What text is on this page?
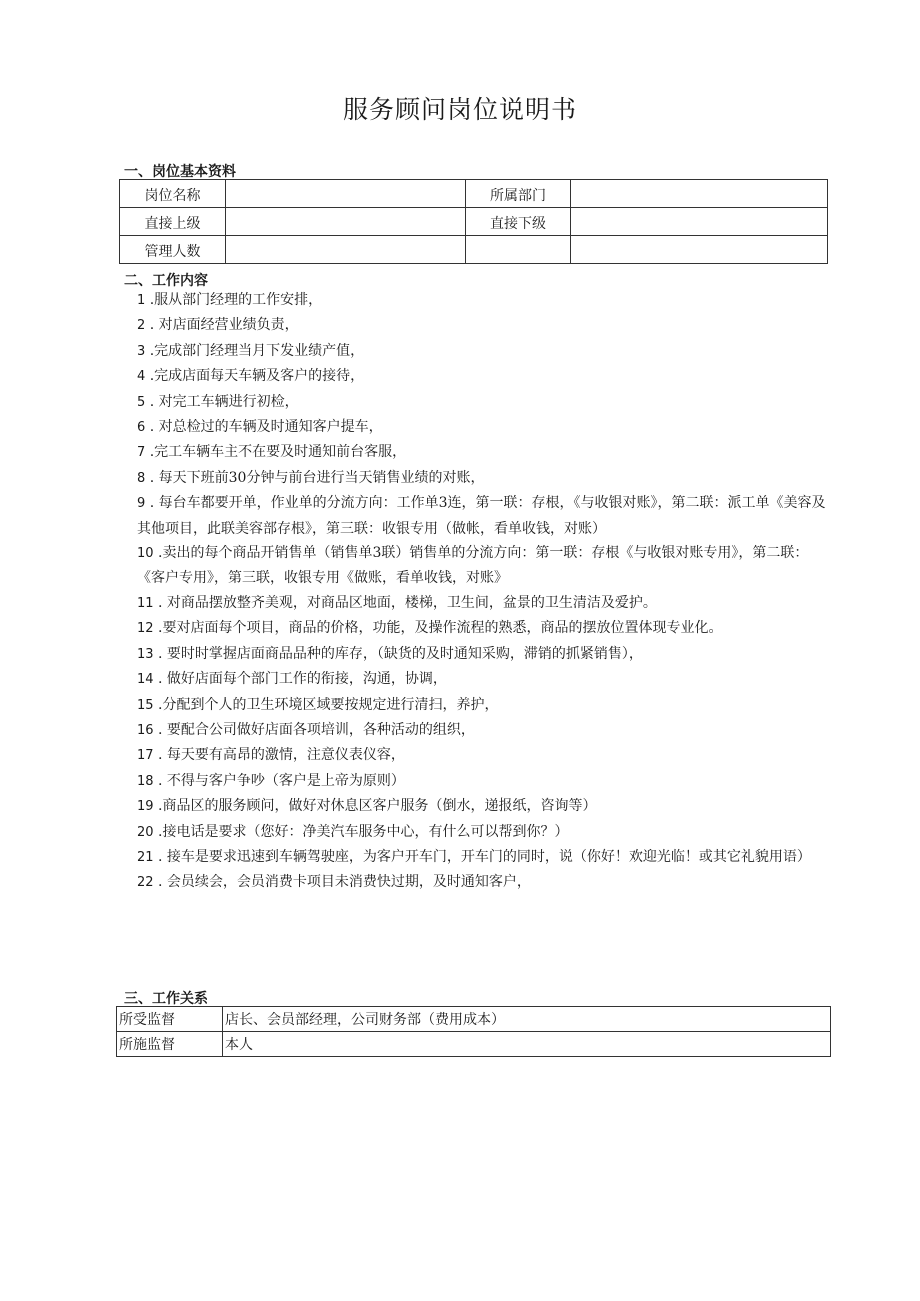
服务顾问岗位说明书
一、岗位基本资料
岗位名称		所属部门	
直接上级		直接下级	
管理人数			
二、工作内容

1 .服从部门经理的工作安排，

2 . 对店面经营业绩负责，

3 .完成部门经理当月下发业绩产值，

4 .完成店面每天车辆及客户的接待，

5 . 对完工车辆进行初检，

6 . 对总检过的车辆及时通知客户提车，

7 .完工车辆车主不在要及时通知前台客服，

8 . 每天下班前30分钟与前台进行当天销售业绩的对账，

9 . 每台车都要开单，作业单的分流方向：工作单3连，第一联：存根，《与收银对账》，第二联：派工单《美容及其他项目，此联美容部存根》，第三联：收银专用（做帐，看单收钱，对账）

10 .卖出的每个商品开销售单（销售单3联）销售单的分流方向：第一联：存根《与收银对账专用》，第二联：《客户专用》，第三联，收银专用《做账，看单收钱，对账》

11 . 对商品摆放整齐美观，对商品区地面，楼梯，卫生间，盆景的卫生清洁及爱护。

12 .要对店面每个项目，商品的价格，功能，及操作流程的熟悉，商品的摆放位置体现专业化。

13 . 要时时掌握店面商品品种的库存，（缺货的及时通知采购，滞销的抓紧销售），

14 . 做好店面每个部门工作的衔接，沟通，协调，

15 .分配到个人的卫生环境区域要按规定进行清扫，养护，

16 . 要配合公司做好店面各项培训，各种活动的组织，

17 . 每天要有高昂的激情，注意仪表仪容，

18 . 不得与客户争吵（客户是上帝为原则）

19 .商品区的服务顾问，做好对休息区客户服务（倒水，递报纸，咨询等）

20 .接电话是要求（您好：净美汽车服务中心，有什么可以帮到你？）

21 . 接车是要求迅速到车辆驾驶座，为客户开车门，开车门的同时，说（你好！欢迎光临！或其它礼貌用语）

22 . 会员续会，会员消费卡项目未消费快过期，及时通知客户，

三、工作关系
所受监督	店长、会员部经理，公司财务部（费用成本）
所施监督	本人
